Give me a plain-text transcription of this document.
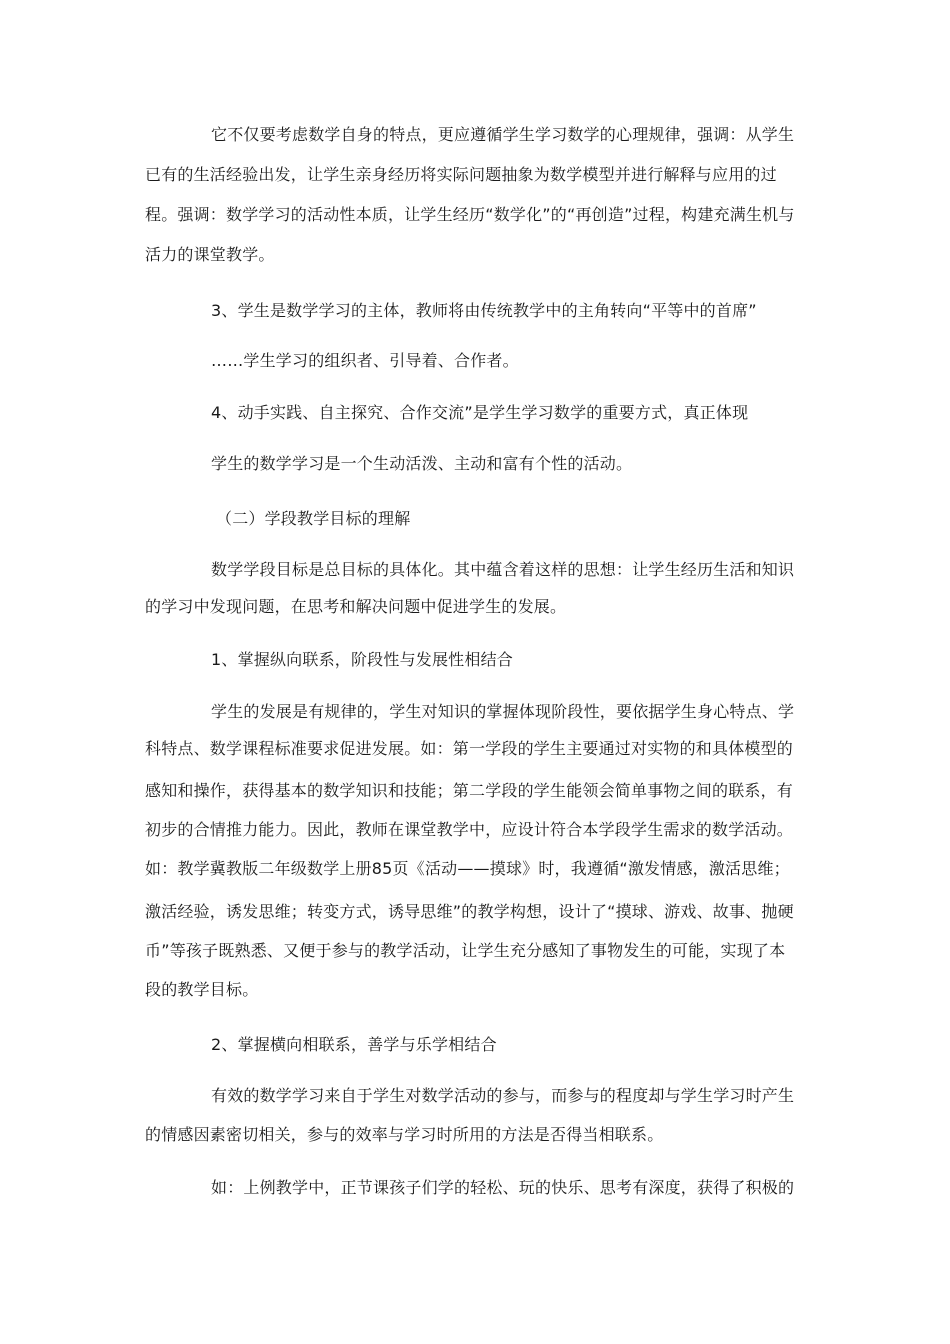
它不仅要考虑数学自身的特点，更应遵循学生学习数学的心理规律，强调：从学生
已有的生活经验出发，让学生亲身经历将实际问题抽象为数学模型并进行解释与应用的过
程。强调：数学学习的活动性本质，让学生经历“数学化”的“再创造”过程，构建充满生机与
活力的课堂教学。
3、学生是数学学习的主体，教师将由传统教学中的主角转向“平等中的首席”
……学生学习的组织者、引导着、合作者。
4、动手实践、自主探究、合作交流”是学生学习数学的重要方式，真正体现
学生的数学学习是一个生动活泼、主动和富有个性的活动。
（二）学段教学目标的理解
数学学段目标是总目标的具体化。其中蕴含着这样的思想：让学生经历生活和知识
的学习中发现问题，在思考和解决问题中促进学生的发展。
1、掌握纵向联系，阶段性与发展性相结合
学生的发展是有规律的，学生对知识的掌握体现阶段性，要依据学生身心特点、学
科特点、数学课程标准要求促进发展。如：第一学段的学生主要通过对实物的和具体模型的
感知和操作，获得基本的数学知识和技能；第二学段的学生能领会简单事物之间的联系，有
初步的合情推力能力。因此，教师在课堂教学中，应设计符合本学段学生需求的数学活动。
如：教学冀教版二年级数学上册85页《活动——摸球》时，我遵循“激发情感，激活思维；
激活经验，诱发思维；转变方式，诱导思维”的教学构想，设计了“摸球、游戏、故事、抛硬
币”等孩子既熟悉、又便于参与的教学活动，让学生充分感知了事物发生的可能，实现了本
段的教学目标。
2、掌握横向相联系，善学与乐学相结合
有效的数学学习来自于学生对数学活动的参与，而参与的程度却与学生学习时产生
的情感因素密切相关，参与的效率与学习时所用的方法是否得当相联系。
如：上例教学中，正节课孩子们学的轻松、玩的快乐、思考有深度，获得了积极的
